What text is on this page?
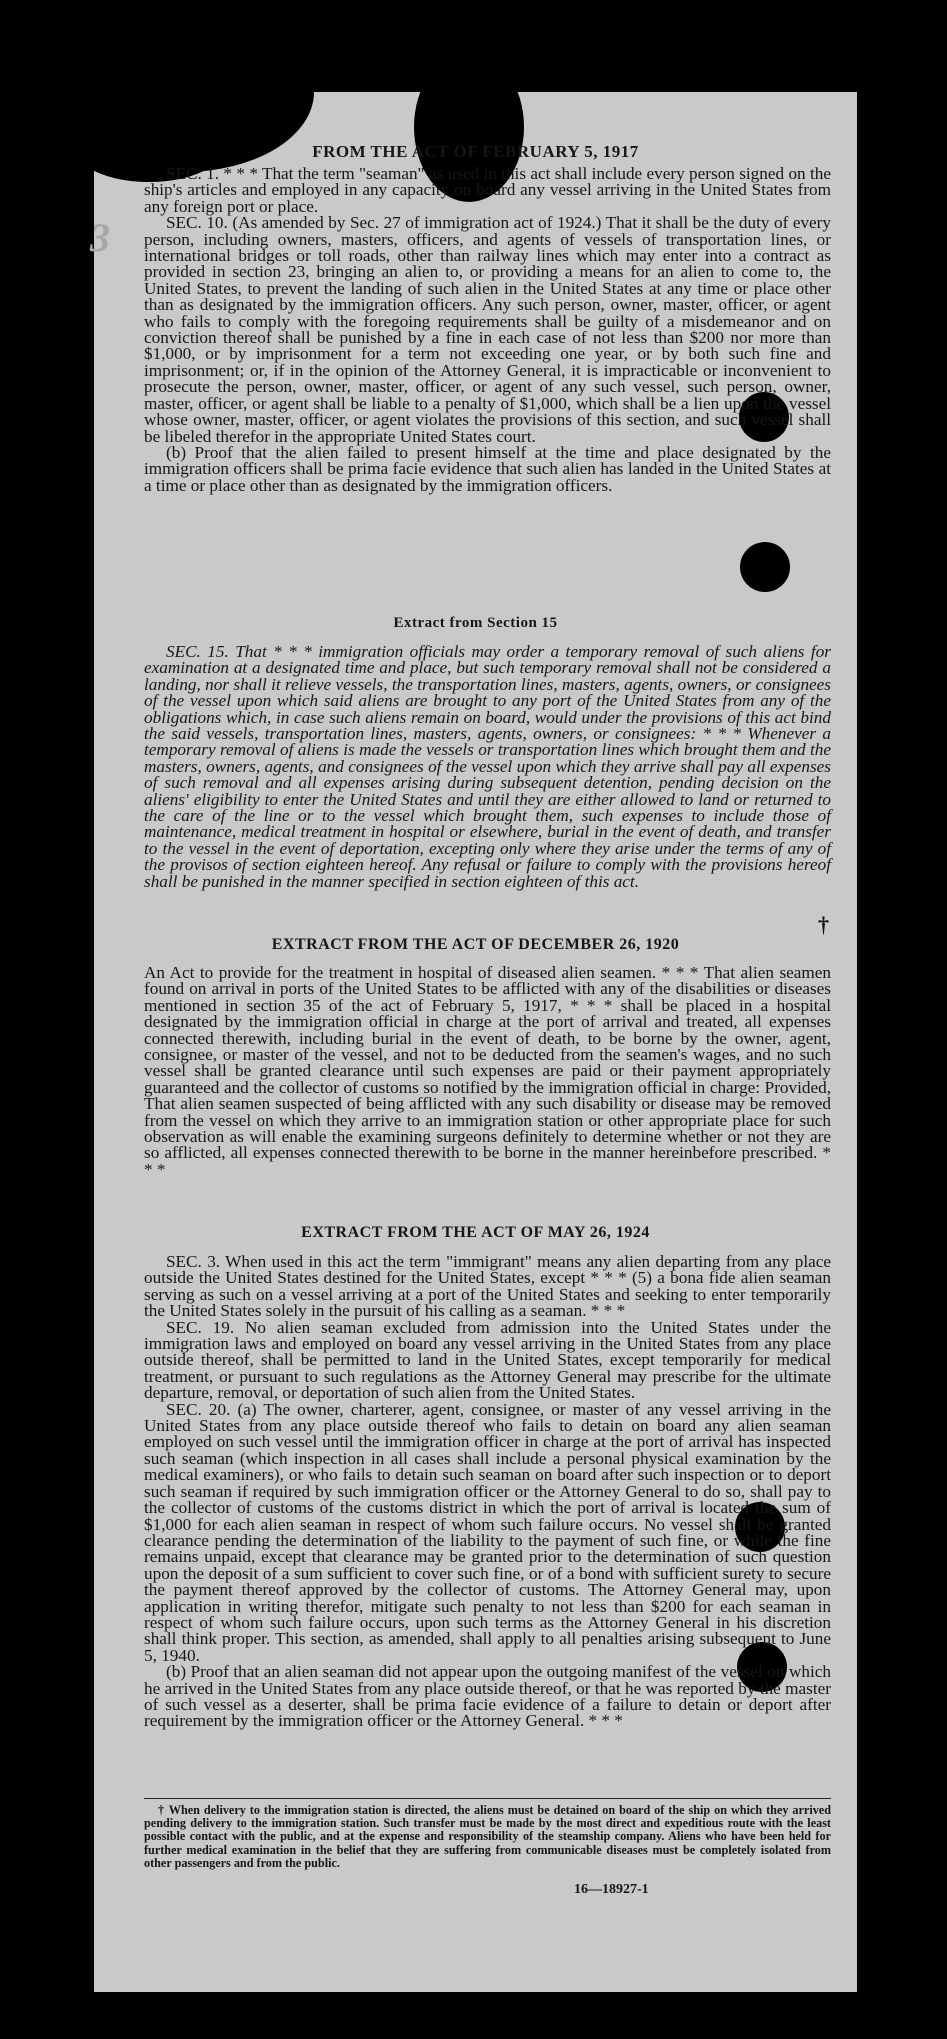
3
FROM THE ACT OF FEBRUARY 5, 1917

SEC. 1. * * * That the term "seaman" as used in this act shall include every person signed on the ship's articles and employed in any capacity on board any vessel arriving in the United States from any foreign port or place.

SEC. 10. (As amended by Sec. 27 of immigration act of 1924.) That it shall be the duty of every person, including owners, masters, officers, and agents of vessels of transportation lines, or international bridges or toll roads, other than railway lines which may enter into a contract as provided in section 23, bringing an alien to, or providing a means for an alien to come to, the United States, to prevent the landing of such alien in the United States at any time or place other than as designated by the immigration officers. Any such person, owner, master, officer, or agent who fails to comply with the foregoing requirements shall be guilty of a misdemeanor and on conviction thereof shall be punished by a fine in each case of not less than $200 nor more than $1,000, or by imprisonment for a term not exceeding one year, or by both such fine and imprisonment; or, if in the opinion of the Attorney General, it is impracticable or inconvenient to prosecute the person, owner, master, officer, or agent of any such vessel, such person, owner, master, officer, or agent shall be liable to a penalty of $1,000, which shall be a lien upon the vessel whose owner, master, officer, or agent violates the provisions of this section, and such vessel shall be libeled therefor in the appropriate United States court.

(b) Proof that the alien failed to present himself at the time and place designated by the immigration officers shall be prima facie evidence that such alien has landed in the United States at a time or place other than as designated by the immigration officers.

Extract from Section 15

SEC. 15. That * * * immigration officials may order a temporary removal of such aliens for examination at a designated time and place, but such temporary removal shall not be considered a landing, nor shall it relieve vessels, the transportation lines, masters, agents, owners, or consignees of the vessel upon which said aliens are brought to any port of the United States from any of the obligations which, in case such aliens remain on board, would under the provisions of this act bind the said vessels, transportation lines, masters, agents, owners, or consignees: * * * Whenever a temporary removal of aliens is made the vessels or transportation lines which brought them and the masters, owners, agents, and consignees of the vessel upon which they arrive shall pay all expenses of such removal and all expenses arising during subsequent detention, pending decision on the aliens' eligibility to enter the United States and until they are either allowed to land or returned to the care of the line or to the vessel which brought them, such expenses to include those of maintenance, medical treatment in hospital or elsewhere, burial in the event of death, and transfer to the vessel in the event of deportation, excepting only where they arise under the terms of any of the provisos of section eighteen hereof. Any refusal or failure to comply with the provisions hereof shall be punished in the manner specified in section eighteen of this act.

EXTRACT FROM THE ACT OF DECEMBER 26, 1920

An Act to provide for the treatment in hospital of diseased alien seamen. * * * That alien seamen found on arrival in ports of the United States to be afflicted with any of the disabilities or diseases mentioned in section 35 of the act of February 5, 1917, * * * shall be placed in a hospital designated by the immigration official in charge at the port of arrival and treated, all expenses connected therewith, including burial in the event of death, to be borne by the owner, agent, consignee, or master of the vessel, and not to be deducted from the seamen's wages, and no such vessel shall be granted clearance until such expenses are paid or their payment appropriately guaranteed and the collector of customs so notified by the immigration official in charge: Provided, That alien seamen suspected of being afflicted with any such disability or disease may be removed from the vessel on which they arrive to an immigration station or other appropriate place for such observation as will enable the examining surgeons definitely to determine whether or not they are so afflicted, all expenses connected therewith to be borne in the manner hereinbefore prescribed. * * *

EXTRACT FROM THE ACT OF MAY 26, 1924

SEC. 3. When used in this act the term "immigrant" means any alien departing from any place outside the United States destined for the United States, except * * * (5) a bona fide alien seaman serving as such on a vessel arriving at a port of the United States and seeking to enter temporarily the United States solely in the pursuit of his calling as a seaman. * * *

SEC. 19. No alien seaman excluded from admission into the United States under the immigration laws and employed on board any vessel arriving in the United States from any place outside thereof, shall be permitted to land in the United States, except temporarily for medical treatment, or pursuant to such regulations as the Attorney General may prescribe for the ultimate departure, removal, or deportation of such alien from the United States.

SEC. 20. (a) The owner, charterer, agent, consignee, or master of any vessel arriving in the United States from any place outside thereof who fails to detain on board any alien seaman employed on such vessel until the immigration officer in charge at the port of arrival has inspected such seaman (which inspection in all cases shall include a personal physical examination by the medical examiners), or who fails to detain such seaman on board after such inspection or to deport such seaman if required by such immigration officer or the Attorney General to do so, shall pay to the collector of customs of the customs district in which the port of arrival is located the sum of $1,000 for each alien seaman in respect of whom such failure occurs. No vessel shall be granted clearance pending the determination of the liability to the payment of such fine, or while the fine remains unpaid, except that clearance may be granted prior to the determination of such question upon the deposit of a sum sufficient to cover such fine, or of a bond with sufficient surety to secure the payment thereof approved by the collector of customs. The Attorney General may, upon application in writing therefor, mitigate such penalty to not less than $200 for each seaman in respect of whom such failure occurs, upon such terms as the Attorney General in his discretion shall think proper. This section, as amended, shall apply to all penalties arising subsequent to June 5, 1940.

(b) Proof that an alien seaman did not appear upon the outgoing manifest of the vessel on which he arrived in the United States from any place outside thereof, or that he was reported by the master of such vessel as a deserter, shall be prima facie evidence of a failure to detain or deport after requirement by the immigration officer or the Attorney General. * * *

† When delivery to the immigration station is directed, the aliens must be detained on board of the ship on which they arrived pending delivery to the immigration station. Such transfer must be made by the most direct and expeditious route with the least possible contact with the public, and at the expense and responsibility of the steamship company. Aliens who have been held for further medical examination in the belief that they are suffering from communicable diseases must be completely isolated from other passengers and from the public.

16—18927-1
†
